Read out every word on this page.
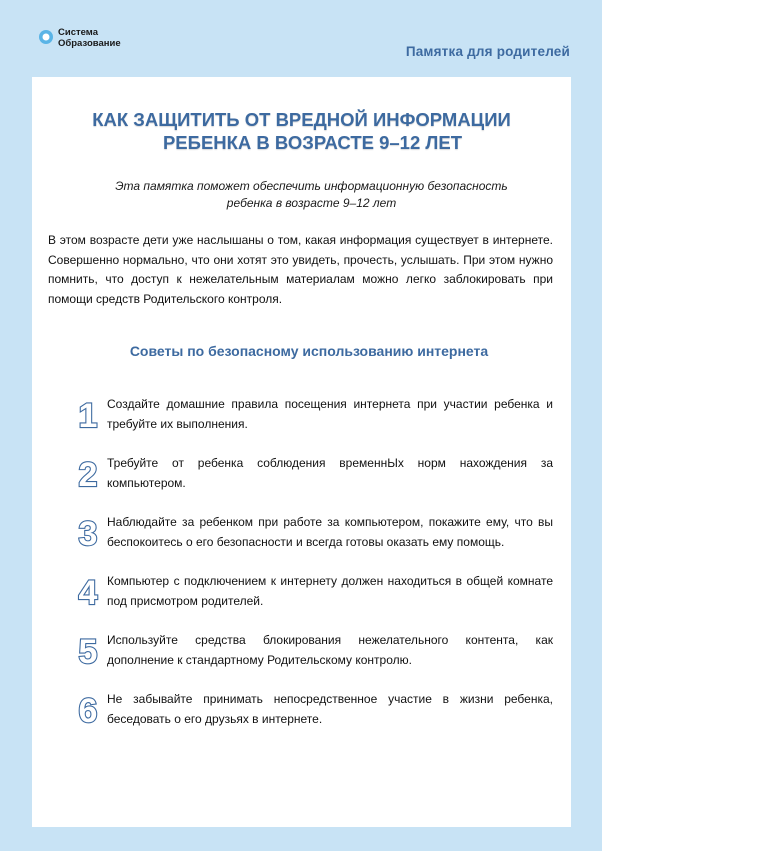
Система
Образование
Памятка для родителей
КАК ЗАЩИТИТЬ ОТ ВРЕДНОЙ ИНФОРМАЦИИ
РЕБЕНКА В ВОЗРАСТЕ 9–12 ЛЕТ
Эта памятка поможет обеспечить информационную безопасность
ребенка в возрасте 9–12 лет
В этом возрасте дети уже наслышаны о том, какая информация существует в интернете. Совершенно нормально, что они хотят это увидеть, прочесть, услышать. При этом нужно помнить, что доступ к нежелательным материалам можно легко заблокировать при помощи средств Родительского контроля.
Советы по безопасному использованию интернета
1 Создайте домашние правила посещения интернета при участии ребенка и требуйте их выполнения.
2 Требуйте от ребенка соблюдения временнЫх норм нахождения за компьютером.
3 Наблюдайте за ребенком при работе за компьютером, покажите ему, что вы беспокоитесь о его безопасности и всегда готовы оказать ему помощь.
4 Компьютер с подключением к интернету должен находиться в общей комнате под присмотром родителей.
5 Используйте средства блокирования нежелательного контента, как дополнение к стандартному Родительскому контролю.
6 Не забывайте принимать непосредственное участие в жизни ребенка, беседовать о его друзьях в интернете.
